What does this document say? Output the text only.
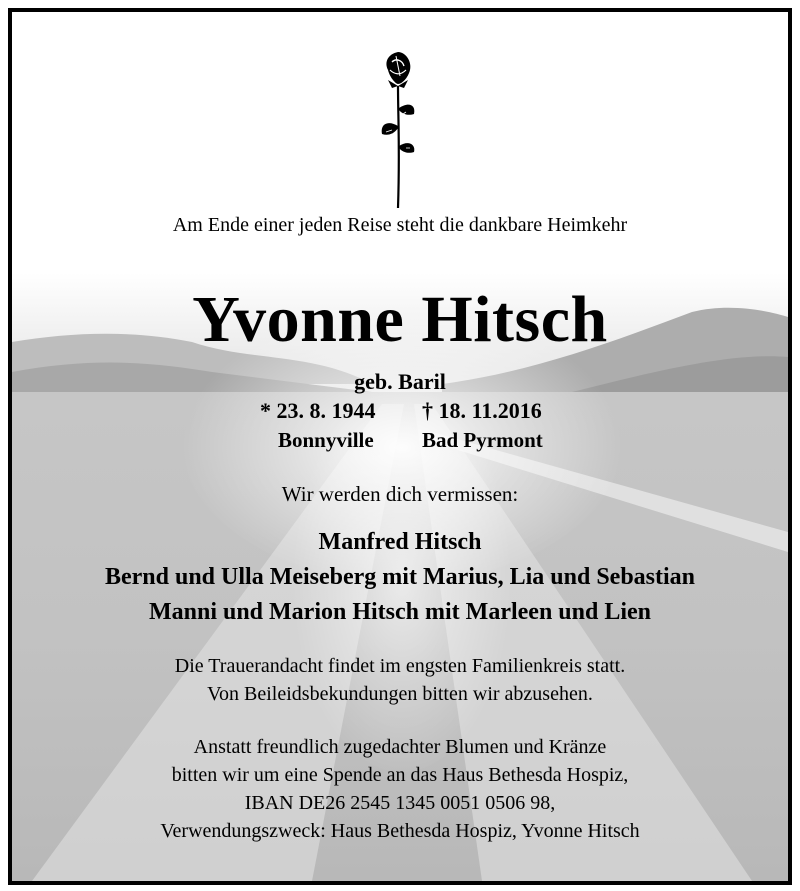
Am Ende einer jeden Reise steht die dankbare Heimkehr
Yvonne Hitsch
geb. Baril
* 23. 8. 1944 † 18. 11.2016
Bonnyville Bad Pyrmont
Wir werden dich vermissen:
Manfred Hitsch
Bernd und Ulla Meiseberg mit Marius, Lia und Sebastian
Manni und Marion Hitsch mit Marleen und Lien
Die Trauerandacht findet im engsten Familienkreis statt.
Von Beileidsbekundungen bitten wir abzusehen.
Anstatt freundlich zugedachter Blumen und Kränze
bitten wir um eine Spende an das Haus Bethesda Hospiz,
IBAN DE26 2545 1345 0051 0506 98,
Verwendungszweck: Haus Bethesda Hospiz, Yvonne Hitsch
